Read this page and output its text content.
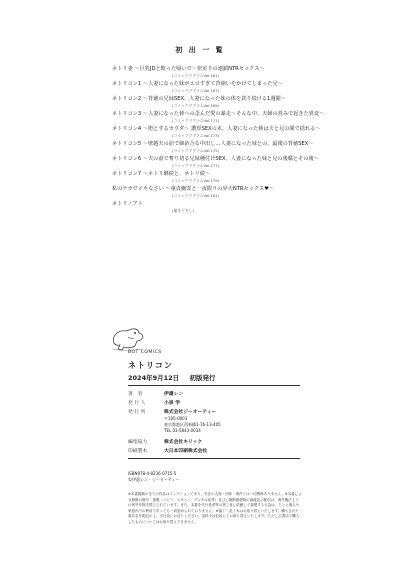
初 出 一 覧
ネトリ妻 ～巨乳JDと飲った帰いで～密室りの連鎖NTRセックス～
(コミックマグナムVol.161)
ネトリコン1 ～人妻になった妹がエロすぎて背徳いをかけてしまった兄～
(コミックマグナムVol.167)
ネトリコン2 ～背徳の兄妹SEX、人妻になった妹の体を貪り続ける1週間～
(コミックマグナムVol.169)
ネトリコン3 ～人妻になった姉への歪んだ愛の暴走～そんな中、夫婦の営みで起きた異変～
(コミックマグナムVol.171)
ネトリコン4 ～堕とするカウダ～ 濃厚SEXの末、人妻になった姉は夫と兄の間で揺れる～
(コミックマグナムVol.173)
ネトリコン5 ～壁越夫の前で締め合る中出し…人妻になった妹との、最後の背徳SEX～
(コミックマグナムVol.175)
ネトリコン6 ～夫の前で奪り切る兄妹種付けSEX、人妻になった妹と兄の後腐とその後～
(コミックマグナムVol.177)
ネトリコン7 ～ネトリ継続と、ネトリ続～
(コミックマグナムVol.179)
私のナカでイキなさい ～童貞幽霊と一夜限りの昇天NTRセックス♥～
(コミックマグナムVol.181)
ネトリノアト
(描き下ろし)
BOT COMICS
ネトリコン
2024年9月12日 初版発行
著　者	伊還レン
発 行 人	小泉 学
発 行 所	株式会社ジーオーティー
〒105-0003
東京都港区西新橋1-16-13-405
TEL 03-5843-0034
編集協力	株式会社キリック
印刷製本	大日本印刷株式会社
ISBN978-4-8236-0715-5
©伊還レン・ジーオーティー
※本書掲載の全ての作品はフィクションであり、実在の人物・団体・事件とは一切関係ありません。※本書による無断の複写・複製（コピー、スキャン、デジタル化等）並びに無断複製物の譲渡及び配信は、著作権法上での例外を除き禁じられています。また、本書を代行業者等の第三者に依頼して複製する行為は、たとえ個人や家庭内での利用であっても一切認められておりません。※落丁・乱丁本はお取り替えいたします。購入された書店名を明記の上、小社宛にお送りください。送料小社負担にてお取り替えいたします。ただし古書店で購入したものについてはお取り替えできません。
